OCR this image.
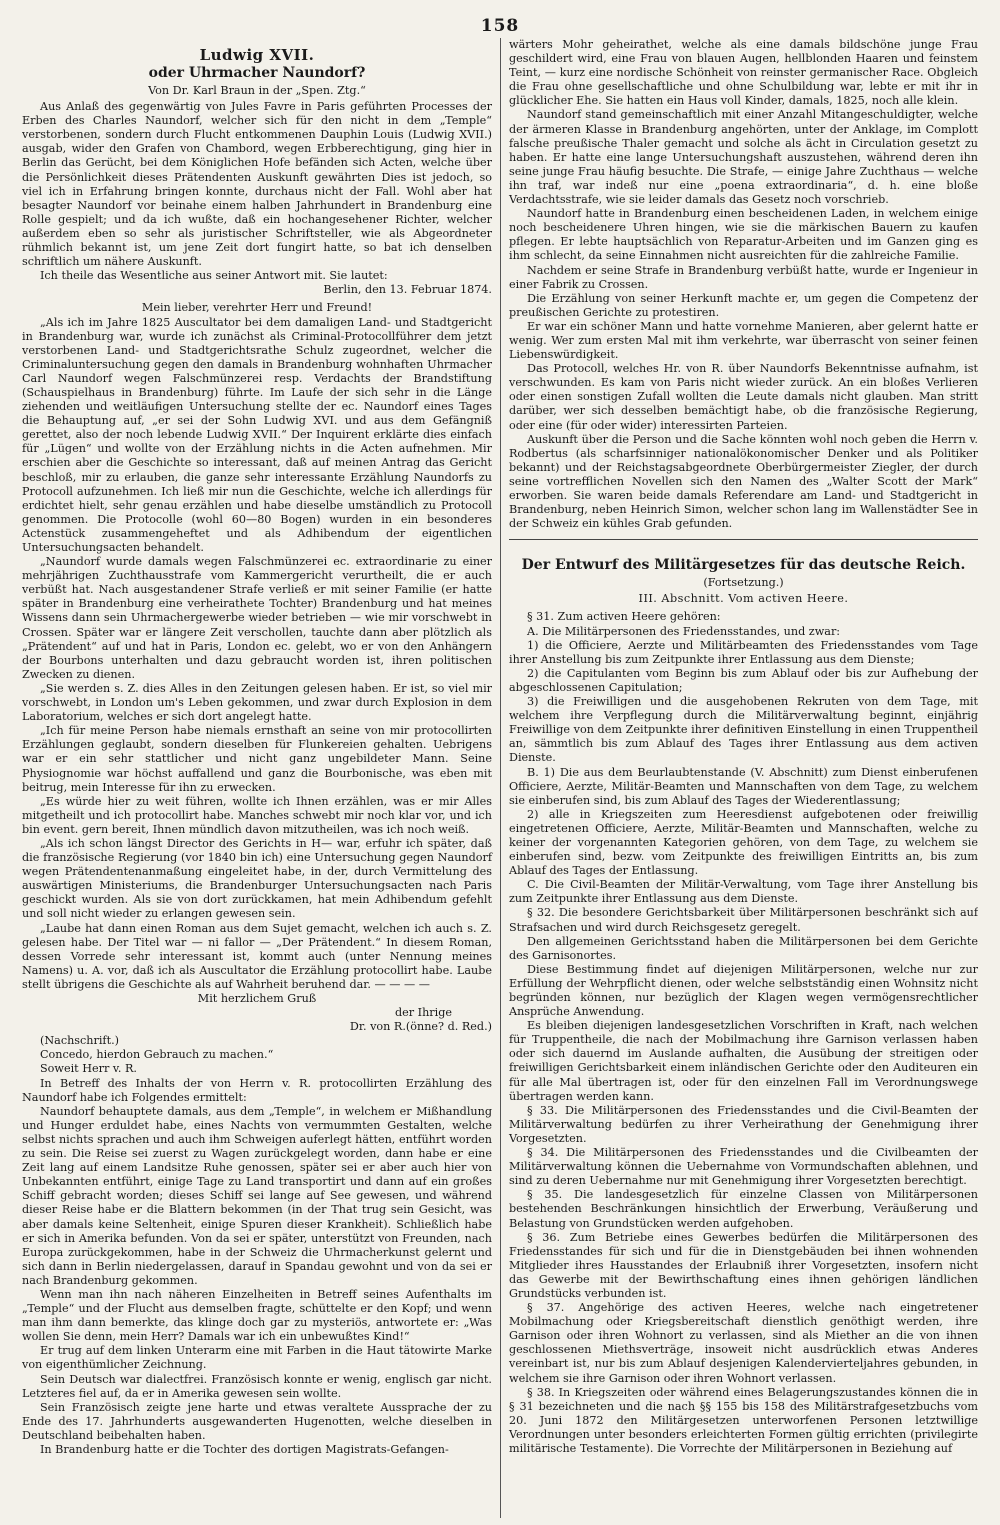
158
Ludwig XVII.
oder Uhrmacher Naundorf?
Von Dr. Karl Braun in der „Spen. Ztg.“

Aus Anlaß des gegenwärtig von Jules Favre in Paris geführten Processes der Erben des Charles Naundorf, welcher sich für den nicht in dem „Temple“ verstorbenen, sondern durch Flucht entkommenen Dauphin Louis (Ludwig XVII.) ausgab, wider den Grafen von Chambord, wegen Erbberechtigung, ging hier in Berlin das Gerücht, bei dem Königlichen Hofe befänden sich Acten, welche über die Persönlichkeit dieses Prätendenten Auskunft gewährten Dies ist jedoch, so viel ich in Erfahrung bringen konnte, durchaus nicht der Fall. Wohl aber hat besagter Naundorf vor beinahe einem halben Jahrhundert in Brandenburg eine Rolle gespielt; und da ich wußte, daß ein hochangesehener Richter, welcher außerdem eben so sehr als juristischer Schriftsteller, wie als Abgeordneter rühmlich bekannt ist, um jene Zeit dort fungirt hatte, so bat ich denselben schriftlich um nähere Auskunft.

Ich theile das Wesentliche aus seiner Antwort mit. Sie lautet:

Berlin, den 13. Februar 1874.
Mein lieber, verehrter Herr und Freund!

„Als ich im Jahre 1825 Auscultator bei dem damaligen Land- und Stadtgericht in Brandenburg war, wurde ich zunächst als Criminal-Protocollführer dem jetzt verstorbenen Land- und Stadtgerichtsrathe Schulz zugeordnet, welcher die Criminaluntersuchung gegen den damals in Brandenburg wohnhaften Uhrmacher Carl Naundorf wegen Falschmünzerei resp. Verdachts der Brandstiftung (Schauspielhaus in Brandenburg) führte. Im Laufe der sich sehr in die Länge ziehenden und weitläufigen Untersuchung stellte der ec. Naundorf eines Tages die Behauptung auf, „er sei der Sohn Ludwig XVI. und aus dem Gefängniß gerettet, also der noch lebende Ludwig XVII.“ Der Inquirent erklärte dies einfach für „Lügen“ und wollte von der Erzählung nichts in die Acten aufnehmen. Mir erschien aber die Geschichte so interessant, daß auf meinen Antrag das Gericht beschloß, mir zu erlauben, die ganze sehr interessante Erzählung Naundorfs zu Protocoll aufzunehmen. Ich ließ mir nun die Geschichte, welche ich allerdings für erdichtet hielt, sehr genau erzählen und habe dieselbe umständlich zu Protocoll genommen. Die Protocolle (wohl 60—80 Bogen) wurden in ein besonderes Actenstück zusammengeheftet und als Adhibendum der eigentlichen Untersuchungsacten behandelt.

„Naundorf wurde damals wegen Falschmünzerei ec. extraordinarie zu einer mehrjährigen Zuchthausstrafe vom Kammergericht verurtheilt, die er auch verbüßt hat. Nach ausgestandener Strafe verließ er mit seiner Familie (er hatte später in Brandenburg eine verheirathete Tochter) Brandenburg und hat meines Wissens dann sein Uhrmachergewerbe wieder betrieben — wie mir vorschwebt in Crossen. Später war er längere Zeit verschollen, tauchte dann aber plötzlich als „Prätendent“ auf und hat in Paris, London ec. gelebt, wo er von den Anhängern der Bourbons unterhalten und dazu gebraucht worden ist, ihren politischen Zwecken zu dienen.

„Sie werden s. Z. dies Alles in den Zeitungen gelesen haben. Er ist, so viel mir vorschwebt, in London um's Leben gekommen, und zwar durch Explosion in dem Laboratorium, welches er sich dort angelegt hatte.

„Ich für meine Person habe niemals ernsthaft an seine von mir protocollirten Erzählungen geglaubt, sondern dieselben für Flunkereien gehalten. Uebrigens war er ein sehr stattlicher und nicht ganz ungebildeter Mann. Seine Physiognomie war höchst auffallend und ganz die Bourbonische, was eben mit beitrug, mein Interesse für ihn zu erwecken.

„Es würde hier zu weit führen, wollte ich Ihnen erzählen, was er mir Alles mitgetheilt und ich protocollirt habe. Manches schwebt mir noch klar vor, und ich bin event. gern bereit, Ihnen mündlich davon mitzutheilen, was ich noch weiß.

„Als ich schon längst Director des Gerichts in H— war, erfuhr ich später, daß die französische Regierung (vor 1840 bin ich) eine Untersuchung gegen Naundorf wegen Prätendentenanmaßung eingeleitet habe, in der, durch Vermittelung des auswärtigen Ministeriums, die Brandenburger Untersuchungsacten nach Paris geschickt wurden. Als sie von dort zurückkamen, hat mein Adhibendum gefehlt und soll nicht wieder zu erlangen gewesen sein.

„Laube hat dann einen Roman aus dem Sujet gemacht, welchen ich auch s. Z. gelesen habe. Der Titel war — ni fallor — „Der Prätendent.“ In diesem Roman, dessen Vorrede sehr interessant ist, kommt auch (unter Nennung meines Namens) u. A. vor, daß ich als Auscultator die Erzählung protocollirt habe. Laube stellt übrigens die Geschichte als auf Wahrheit beruhend dar. — — — —

Mit herzlichem Gruß
der Ihrige
Dr. von R.(önne? d. Red.)

(Nachschrift.)

Concedo, hierdon Gebrauch zu machen.“

Soweit Herr v. R.

In Betreff des Inhalts der von Herrn v. R. protocollirten Erzählung des Naundorf habe ich Folgendes ermittelt:

Naundorf behauptete damals, aus dem „Temple“, in welchem er Mißhandlung und Hunger erduldet habe, eines Nachts von vermummten Gestalten, welche selbst nichts sprachen und auch ihm Schweigen auferlegt hätten, entführt worden zu sein. Die Reise sei zuerst zu Wagen zurückgelegt worden, dann habe er eine Zeit lang auf einem Landsitze Ruhe genossen, später sei er aber auch hier von Unbekannten entführt, einige Tage zu Land transportirt und dann auf ein großes Schiff gebracht worden; dieses Schiff sei lange auf See gewesen, und während dieser Reise habe er die Blattern bekommen (in der That trug sein Gesicht, was aber damals keine Seltenheit, einige Spuren dieser Krankheit). Schließlich habe er sich in Amerika befunden. Von da sei er später, unterstützt von Freunden, nach Europa zurückgekommen, habe in der Schweiz die Uhrmacherkunst gelernt und sich dann in Berlin niedergelassen, darauf in Spandau gewohnt und von da sei er nach Brandenburg gekommen.

Wenn man ihn nach näheren Einzelheiten in Betreff seines Aufenthalts im „Temple“ und der Flucht aus demselben fragte, schüttelte er den Kopf; und wenn man ihm dann bemerkte, das klinge doch gar zu mysteriös, antwortete er: „Was wollen Sie denn, mein Herr? Damals war ich ein unbewußtes Kind!“

Er trug auf dem linken Unterarm eine mit Farben in die Haut tätowirte Marke von eigenthümlicher Zeichnung.

Sein Deutsch war dialectfrei. Französisch konnte er wenig, englisch gar nicht. Letzteres fiel auf, da er in Amerika gewesen sein wollte.

Sein Französisch zeigte jene harte und etwas veraltete Aussprache der zu Ende des 17. Jahrhunderts ausgewanderten Hugenotten, welche dieselben in Deutschland beibehalten haben.

In Brandenburg hatte er die Tochter des dortigen Magistrats-Gefangen-

wärters Mohr geheirathet, welche als eine damals bildschöne junge Frau geschildert wird, eine Frau von blauen Augen, hellblonden Haaren und feinstem Teint, — kurz eine nordische Schönheit von reinster germanischer Race. Obgleich die Frau ohne gesellschaftliche und ohne Schulbildung war, lebte er mit ihr in glücklicher Ehe. Sie hatten ein Haus voll Kinder, damals, 1825, noch alle klein.

Naundorf stand gemeinschaftlich mit einer Anzahl Mitangeschuldigter, welche der ärmeren Klasse in Brandenburg angehörten, unter der Anklage, im Complott falsche preußische Thaler gemacht und solche als ächt in Circulation gesetzt zu haben. Er hatte eine lange Untersuchungshaft auszustehen, während deren ihn seine junge Frau häufig besuchte. Die Strafe, — einige Jahre Zuchthaus — welche ihn traf, war indeß nur eine „poena extraordinaria“, d. h. eine bloße Verdachtsstrafe, wie sie leider damals das Gesetz noch vorschrieb.

Naundorf hatte in Brandenburg einen bescheidenen Laden, in welchem einige noch bescheidenere Uhren hingen, wie sie die märkischen Bauern zu kaufen pflegen. Er lebte hauptsächlich von Reparatur-Arbeiten und im Ganzen ging es ihm schlecht, da seine Einnahmen nicht ausreichten für die zahlreiche Familie.

Nachdem er seine Strafe in Brandenburg verbüßt hatte, wurde er Ingenieur in einer Fabrik zu Crossen.

Die Erzählung von seiner Herkunft machte er, um gegen die Competenz der preußischen Gerichte zu protestiren.

Er war ein schöner Mann und hatte vornehme Manieren, aber gelernt hatte er wenig. Wer zum ersten Mal mit ihm verkehrte, war überrascht von seiner feinen Liebenswürdigkeit.

Das Protocoll, welches Hr. von R. über Naundorfs Bekenntnisse aufnahm, ist verschwunden. Es kam von Paris nicht wieder zurück. An ein bloßes Verlieren oder einen sonstigen Zufall wollten die Leute damals nicht glauben. Man stritt darüber, wer sich desselben bemächtigt habe, ob die französische Regierung, oder eine (für oder wider) interessirten Parteien.

Auskunft über die Person und die Sache könnten wohl noch geben die Herrn v. Rodbertus (als scharfsinniger nationalökonomischer Denker und als Politiker bekannt) und der Reichstagsabgeordnete Oberbürgermeister Ziegler, der durch seine vortrefflichen Novellen sich den Namen des „Walter Scott der Mark“ erworben. Sie waren beide damals Referendare am Land- und Stadtgericht in Brandenburg, neben Heinrich Simon, welcher schon lang im Wallenstädter See in der Schweiz ein kühles Grab gefunden.

Der Entwurf des Militärgesetzes für das deutsche Reich.
(Fortsetzung.)
III. Abschnitt. Vom activen Heere.

§ 31. Zum activen Heere gehören:

A. Die Militärpersonen des Friedensstandes, und zwar:

1) die Officiere, Aerzte und Militärbeamten des Friedensstandes vom Tage ihrer Anstellung bis zum Zeitpunkte ihrer Entlassung aus dem Dienste;

2) die Capitulanten vom Beginn bis zum Ablauf oder bis zur Aufhebung der abgeschlossenen Capitulation;

3) die Freiwilligen und die ausgehobenen Rekruten von dem Tage, mit welchem ihre Verpflegung durch die Militärverwaltung beginnt, einjährig Freiwillige von dem Zeitpunkte ihrer definitiven Einstellung in einen Truppentheil an, sämmtlich bis zum Ablauf des Tages ihrer Entlassung aus dem activen Dienste.

B. 1) Die aus dem Beurlaubtenstande (V. Abschnitt) zum Dienst einberufenen Officiere, Aerzte, Militär-Beamten und Mannschaften von dem Tage, zu welchem sie einberufen sind, bis zum Ablauf des Tages der Wiederentlassung;

2) alle in Kriegszeiten zum Heeresdienst aufgebotenen oder freiwillig eingetretenen Officiere, Aerzte, Militär-Beamten und Mannschaften, welche zu keiner der vorgenannten Kategorien gehören, von dem Tage, zu welchem sie einberufen sind, bezw. vom Zeitpunkte des freiwilligen Eintritts an, bis zum Ablauf des Tages der Entlassung.

C. Die Civil-Beamten der Militär-Verwaltung, vom Tage ihrer Anstellung bis zum Zeitpunkte ihrer Entlassung aus dem Dienste.

§ 32. Die besondere Gerichtsbarkeit über Militärpersonen beschränkt sich auf Strafsachen und wird durch Reichsgesetz geregelt.

Den allgemeinen Gerichtsstand haben die Militärpersonen bei dem Gerichte des Garnisonortes.

Diese Bestimmung findet auf diejenigen Militärpersonen, welche nur zur Erfüllung der Wehrpflicht dienen, oder welche selbstständig einen Wohnsitz nicht begründen können, nur bezüglich der Klagen wegen vermögensrechtlicher Ansprüche Anwendung.

Es bleiben diejenigen landesgesetzlichen Vorschriften in Kraft, nach welchen für Truppentheile, die nach der Mobilmachung ihre Garnison verlassen haben oder sich dauernd im Auslande aufhalten, die Ausübung der streitigen oder freiwilligen Gerichtsbarkeit einem inländischen Gerichte oder den Auditeuren ein für alle Mal übertragen ist, oder für den einzelnen Fall im Verordnungswege übertragen werden kann.

§ 33. Die Militärpersonen des Friedensstandes und die Civil-Beamten der Militärverwaltung bedürfen zu ihrer Verheirathung der Genehmigung ihrer Vorgesetzten.

§ 34. Die Militärpersonen des Friedensstandes und die Civilbeamten der Militärverwaltung können die Uebernahme von Vormundschaften ablehnen, und sind zu deren Uebernahme nur mit Genehmigung ihrer Vorgesetzten berechtigt.

§ 35. Die landesgesetzlich für einzelne Classen von Militärpersonen bestehenden Beschränkungen hinsichtlich der Erwerbung, Veräußerung und Belastung von Grundstücken werden aufgehoben.

§ 36. Zum Betriebe eines Gewerbes bedürfen die Militärpersonen des Friedensstandes für sich und für die in Dienstgebäuden bei ihnen wohnenden Mitglieder ihres Hausstandes der Erlaubniß ihrer Vorgesetzten, insofern nicht das Gewerbe mit der Bewirthschaftung eines ihnen gehörigen ländlichen Grundstücks verbunden ist.

§ 37. Angehörige des activen Heeres, welche nach eingetretener Mobilmachung oder Kriegsbereitschaft dienstlich genöthigt werden, ihre Garnison oder ihren Wohnort zu verlassen, sind als Miether an die von ihnen geschlossenen Miethsverträge, insoweit nicht ausdrücklich etwas Anderes vereinbart ist, nur bis zum Ablauf desjenigen Kalendervierteljahres gebunden, in welchem sie ihre Garnison oder ihren Wohnort verlassen.

§ 38. In Kriegszeiten oder während eines Belagerungszustandes können die in § 31 bezeichneten und die nach §§ 155 bis 158 des Militärstrafgesetzbuchs vom 20. Juni 1872 den Militärgesetzen unterworfenen Personen letztwillige Verordnungen unter besonders erleichterten Formen gültig errichten (privilegirte militärische Testamente). Die Vorrechte der Militärpersonen in Beziehung auf
